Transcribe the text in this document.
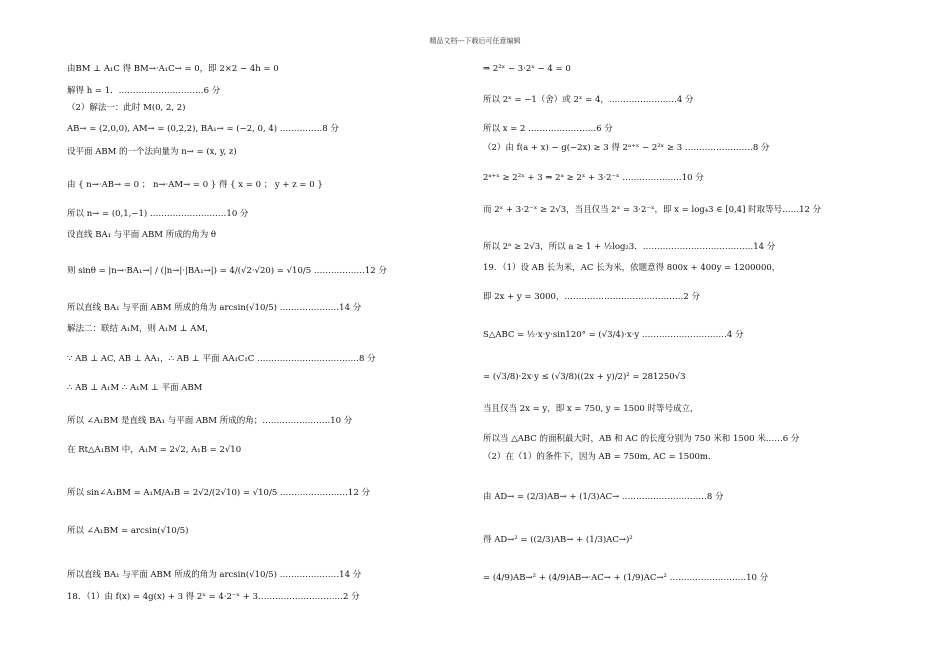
精品文档---下载后可任意编辑
由BM ⊥ A₁C 得 BM→·A₁C→ = 0，即 2×2 − 4h = 0
解得 h = 1．…………………………6 分
（2）解法一：此时 M(0, 2, 2)
AB→ = (2,0,0), AM→ = (0,2,2), BA₁→ = (−2, 0, 4) ……………8 分
设平面 ABM 的一个法向量为 n→ = (x, y, z)
由 { n→·AB→ = 0 ； n→·AM→ = 0 } 得 { x = 0 ； y + z = 0 }
所以 n→ = (0,1,−1) ………………………10 分
设直线 BA₁ 与平面 ABM 所成的角为 θ
则 sinθ = |n→·BA₁→| / (|n→|·|BA₁→|) = 4/(√2·√20) = √10/5 ………………12 分
所以直线 BA₁ 与平面 ABM 所成的角为 arcsin(√10/5) …………………14 分
解法二：联结 A₁M，则 A₁M ⊥ AM，
∵ AB ⊥ AC, AB ⊥ AA₁，∴ AB ⊥ 平面 AA₁C₁C ………………………………8 分
∴ AB ⊥ A₁M ∴ A₁M ⊥ 平面 ABM
所以 ∠A₁BM 是直线 BA₁ 与平面 ABM 所成的角；……………………10 分
在 Rt△A₁BM 中，A₁M = 2√2, A₁B = 2√10
所以 sin∠A₁BM = A₁M/A₁B = 2√2/(2√10) = √10/5 ……………………12 分
所以 ∠A₁BM = arcsin(√10/5)
所以直线 BA₁ 与平面 ABM 所成的角为 arcsin(√10/5) …………………14 分
18．（1）由 f(x) = 4g(x) + 3 得 2ˣ = 4·2⁻ˣ + 3…………………………2 分
⇒ 2²ˣ − 3·2ˣ − 4 = 0
所以 2ˣ = −1（舍）或 2ˣ = 4，……………………4 分
所以 x = 2 ……………………6 分
（2）由 f(a + x) − g(−2x) ≥ 3 得 2ᵃ⁺ˣ − 2²ˣ ≥ 3 ……………………8 分
2ᵃ⁺ˣ ≥ 2²ˣ + 3 ⇒ 2ᵃ ≥ 2ˣ + 3·2⁻ˣ …………………10 分
而 2ˣ + 3·2⁻ˣ ≥ 2√3，当且仅当 2ˣ = 3·2⁻ˣ，即 x = log₄3 ∈ [0,4] 时取等号……12 分
所以 2ᵃ ≥ 2√3，所以 a ≥ 1 + ½log₂3．…………………………………14 分
19．（1）设 AB 长为米，AC 长为米，依题意得 800x + 400y = 1200000，
即 2x + y = 3000，……………………………………2 分
S△ABC = ½·x·y·sin120° = (√3/4)·x·y …………………………4 分
= (√3/8)·2x·y ≤ (√3/8)((2x + y)/2)² = 281250√3
当且仅当 2x = y，即 x = 750, y = 1500 时等号成立，
所以当 △ABC 的面积最大时，AB 和 AC 的长度分别为 750 米和 1500 米……6 分
（2）在（1）的条件下，因为 AB = 750m, AC = 1500m．
由 AD→ = (2/3)AB→ + (1/3)AC→ …………………………8 分
得 AD→² = ((2/3)AB→ + (1/3)AC→)²
= (4/9)AB→² + (4/9)AB→·AC→ + (1/9)AC→² ………………………10 分
